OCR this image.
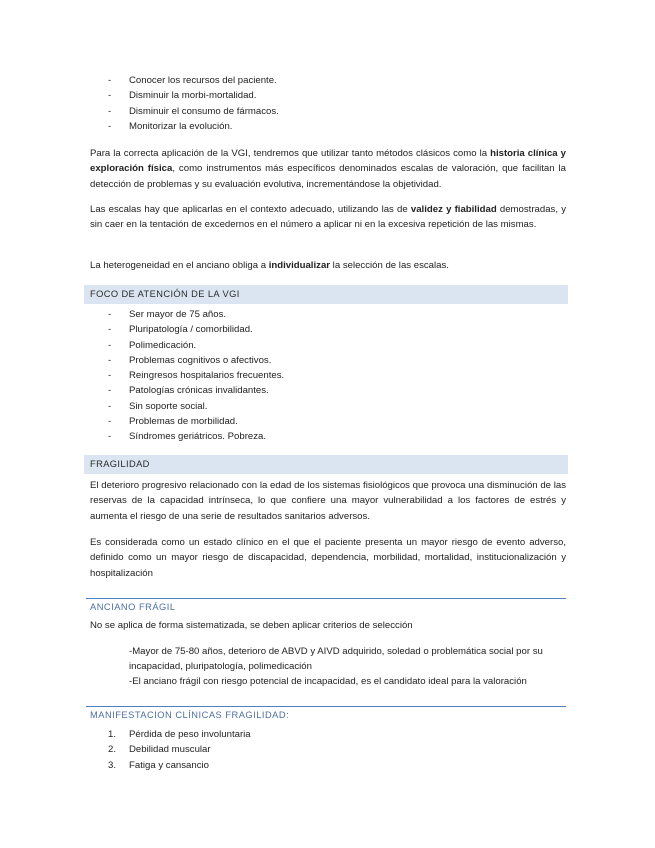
-	Conocer los recursos del paciente.
-	Disminuir la morbi-mortalidad.
-	Disminuir el consumo de fármacos.
-	Monitorizar la evolución.

Para la correcta aplicación de la VGI, tendremos que utilizar tanto métodos clásicos como la historia clínica y exploración física, como instrumentos más específicos denominados escalas de valoración, que facilitan la detección de problemas y su evaluación evolutiva, incrementándose la objetividad.

Las escalas hay que aplicarlas en el contexto adecuado, utilizando las de validez y fiabilidad demostradas, y sin caer en la tentación de excedernos en el número a aplicar ni en la excesiva repetición de las mismas.

La heterogeneidad en el anciano obliga a individualizar la selección de las escalas.

FOCO DE ATENCIÓN DE LA VGI
-	Ser mayor de 75 años.
-	Pluripatología / comorbilidad.
-	Polimedicación.
-	Problemas cognitivos o afectivos.
-	Reingresos hospitalarios frecuentes.
-	Patologías crónicas invalidantes.
-	Sin soporte social.
-	Problemas de morbilidad.
-	Síndromes geriátricos. Pobreza.
FRAGILIDAD

El deterioro progresivo relacionado con la edad de los sistemas fisiológicos que provoca una disminución de las reservas de la capacidad intrínseca, lo que confiere una mayor vulnerabilidad a los factores de estrés y aumenta el riesgo de una serie de resultados sanitarios adversos.

Es considerada como un estado clínico en el que el paciente presenta un mayor riesgo de evento adverso, definido como un mayor riesgo de discapacidad, dependencia, morbilidad, mortalidad, institucionalización y hospitalización

ANCIANO FRÁGIL

No se aplica de forma sistematizada, se deben aplicar criterios de selección

-Mayor de 75-80 años, deterioro de ABVD y AIVD adquirido, soledad o problemática social por su incapacidad, pluripatología, polimedicación
-El anciano frágil con riesgo potencial de incapacidad, es el candidato ideal para la valoración
MANIFESTACION CLÍNICAS FRAGILIDAD:
1.	Pérdida de peso involuntaria
2.	Debilidad muscular
3.	Fatiga y cansancio
